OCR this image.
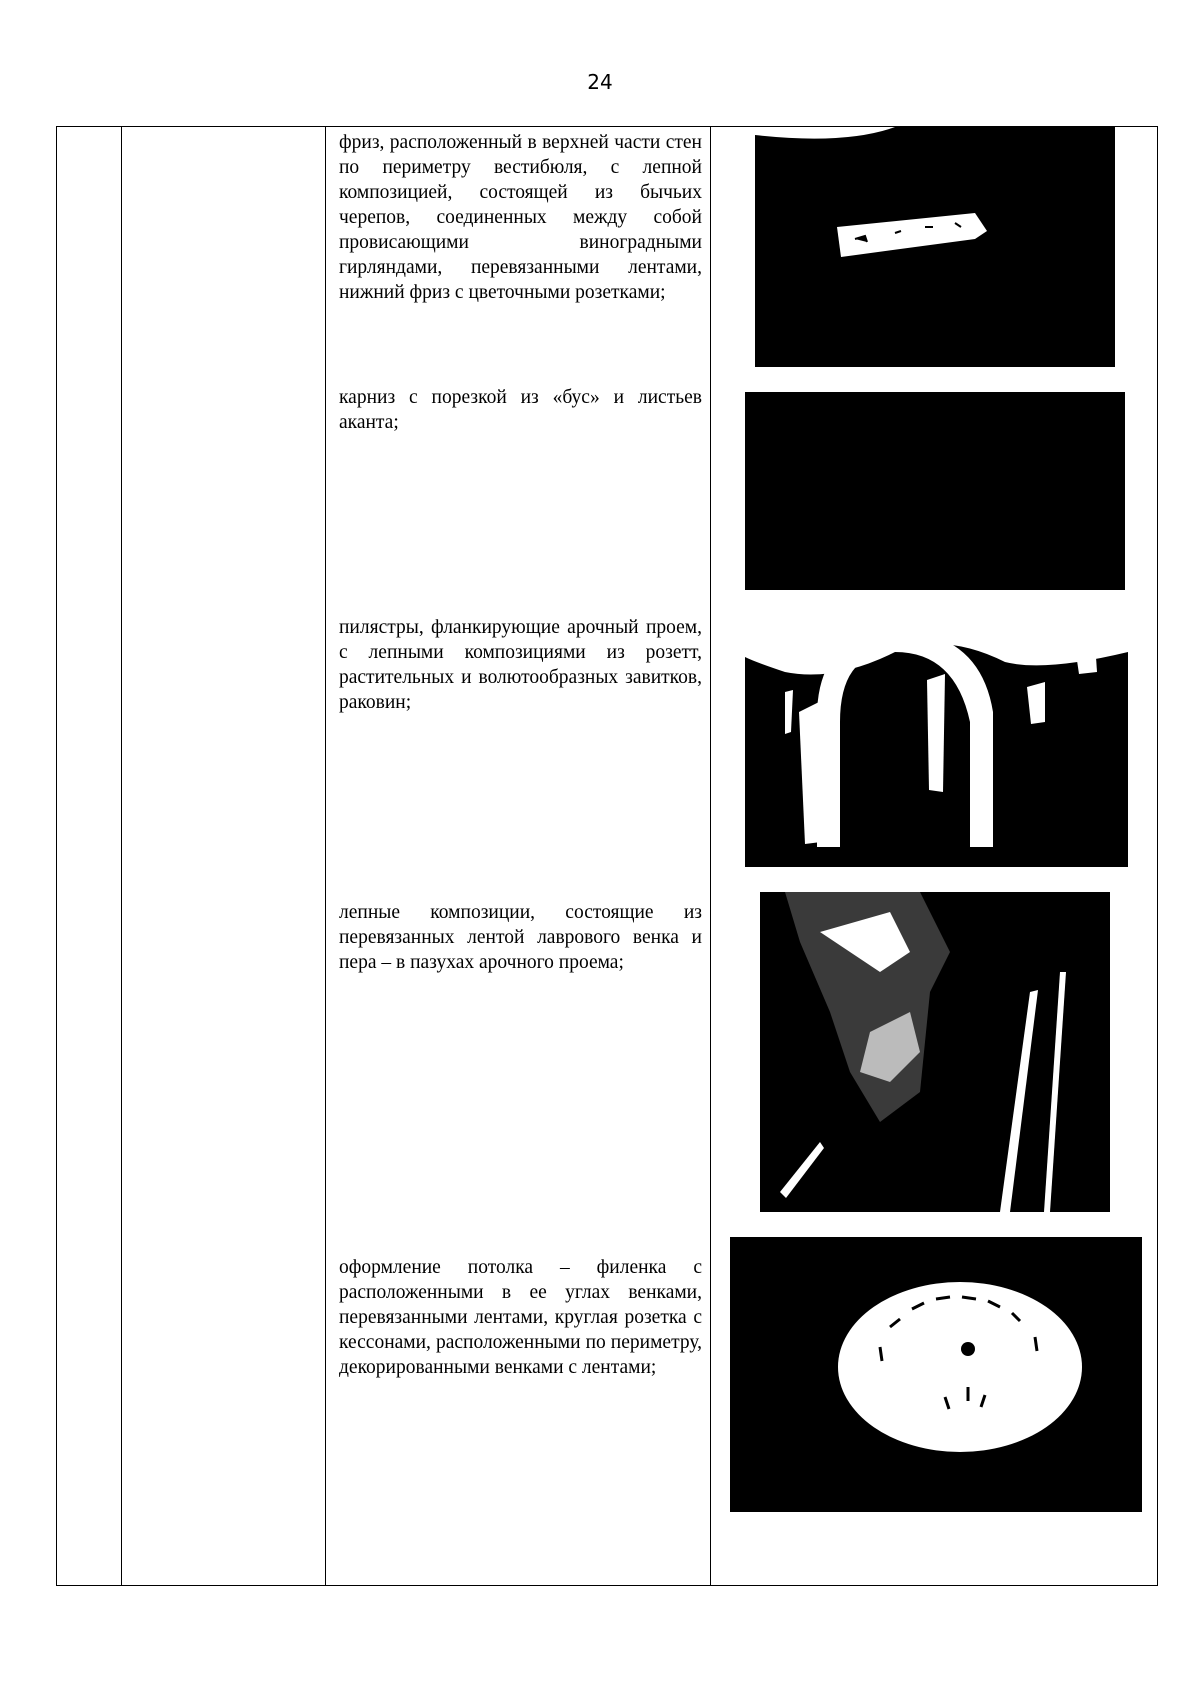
24
фриз, расположенный в верхней части стен по периметру вестибюля, с лепной композицией, состоящей из бычьих черепов, соединенных между собой провисающими виноградными гирляндами, перевязанными лентами, нижний фриз с цветочными розетками;
карниз с порезкой из «бус» и листьев аканта;
пилястры, фланкирующие арочный проем, с лепными композициями из розетт, растительных и волютообразных завитков, раковин;
лепные композиции, состоящие из перевязанных лентой лаврового венка и пера – в пазухах арочного проема;
оформление потолка – филенка с расположенными в ее углах венками, перевязанными лентами, круглая розетка с кессонами, расположенными по периметру, декорированными венками с лентами;
